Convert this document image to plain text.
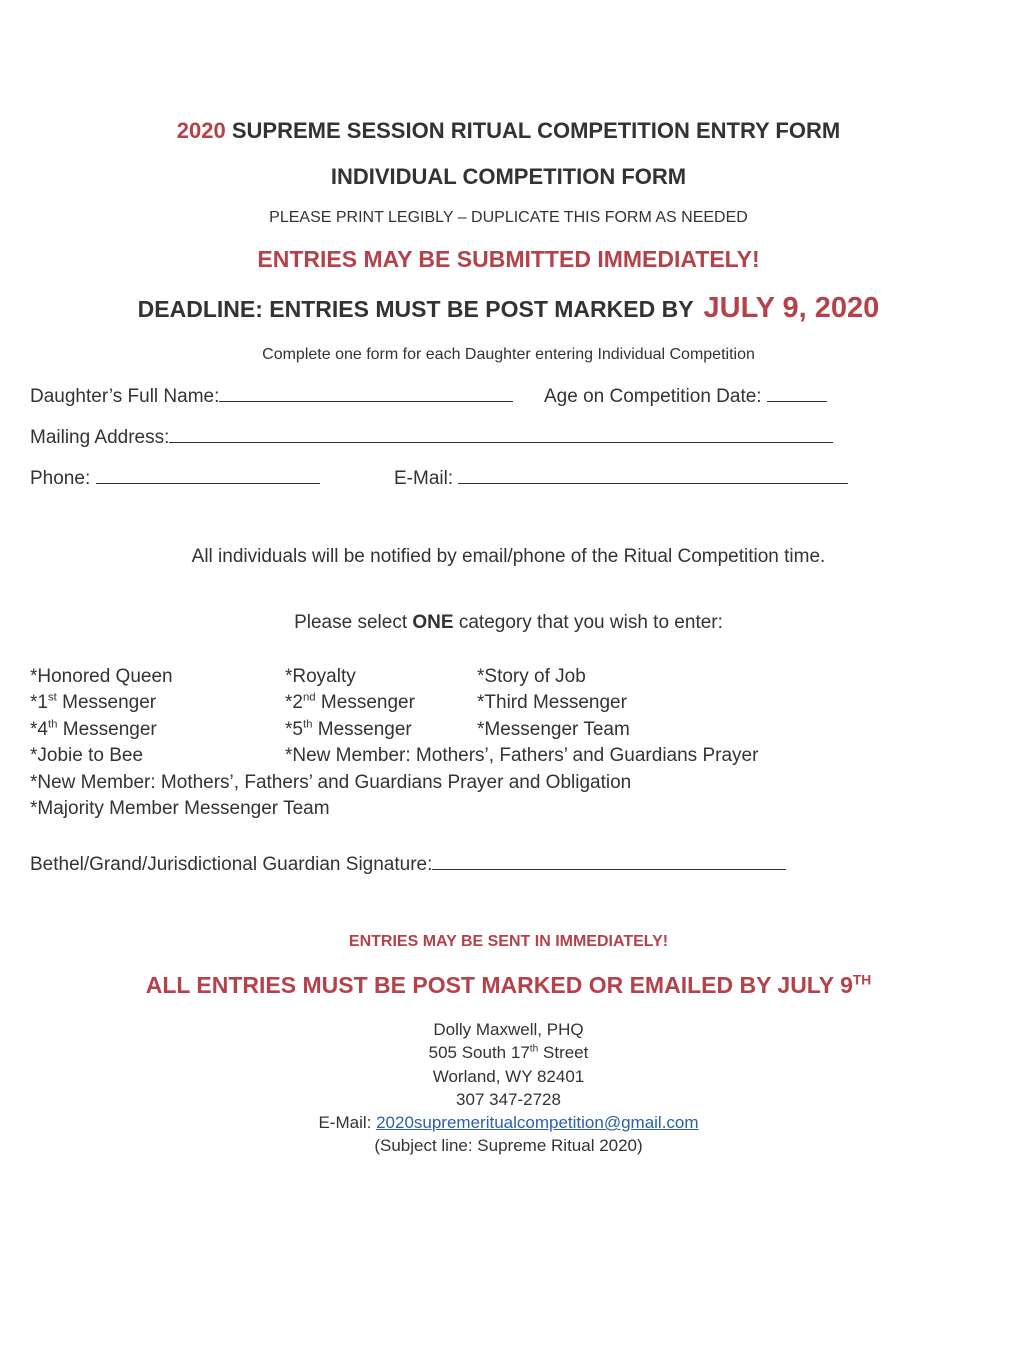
2020 SUPREME SESSION RITUAL COMPETITION ENTRY FORM
INDIVIDUAL COMPETITION FORM
PLEASE PRINT LEGIBLY – DUPLICATE THIS FORM AS NEEDED
ENTRIES MAY BE SUBMITTED IMMEDIATELY!
DEADLINE: ENTRIES MUST BE POST MARKED BY JULY 9, 2020
Complete one form for each Daughter entering Individual Competition
Daughter’s Full Name:	Age on Competition Date:
Mailing Address:
Phone:	E-Mail:
All individuals will be notified by email/phone of the Ritual Competition time.
Please select ONE category that you wish to enter:
*Honored Queen	*Royalty	*Story of Job
*1st Messenger	*2nd Messenger	*Third Messenger
*4th Messenger	*5th Messenger	*Messenger Team
*Jobie to Bee	*New Member: Mothers’, Fathers’ and Guardians Prayer
*New Member: Mothers’, Fathers’ and Guardians Prayer and Obligation
*Majority Member Messenger Team
Bethel/Grand/Jurisdictional Guardian Signature:
ENTRIES MAY BE SENT IN IMMEDIATELY!
ALL ENTRIES MUST BE POST MARKED OR EMAILED BY JULY 9TH
Dolly Maxwell, PHQ
505 South 17th Street
Worland, WY 82401
307 347-2728
E-Mail: 2020supremeritualcompetition@gmail.com
(Subject line: Supreme Ritual 2020)
